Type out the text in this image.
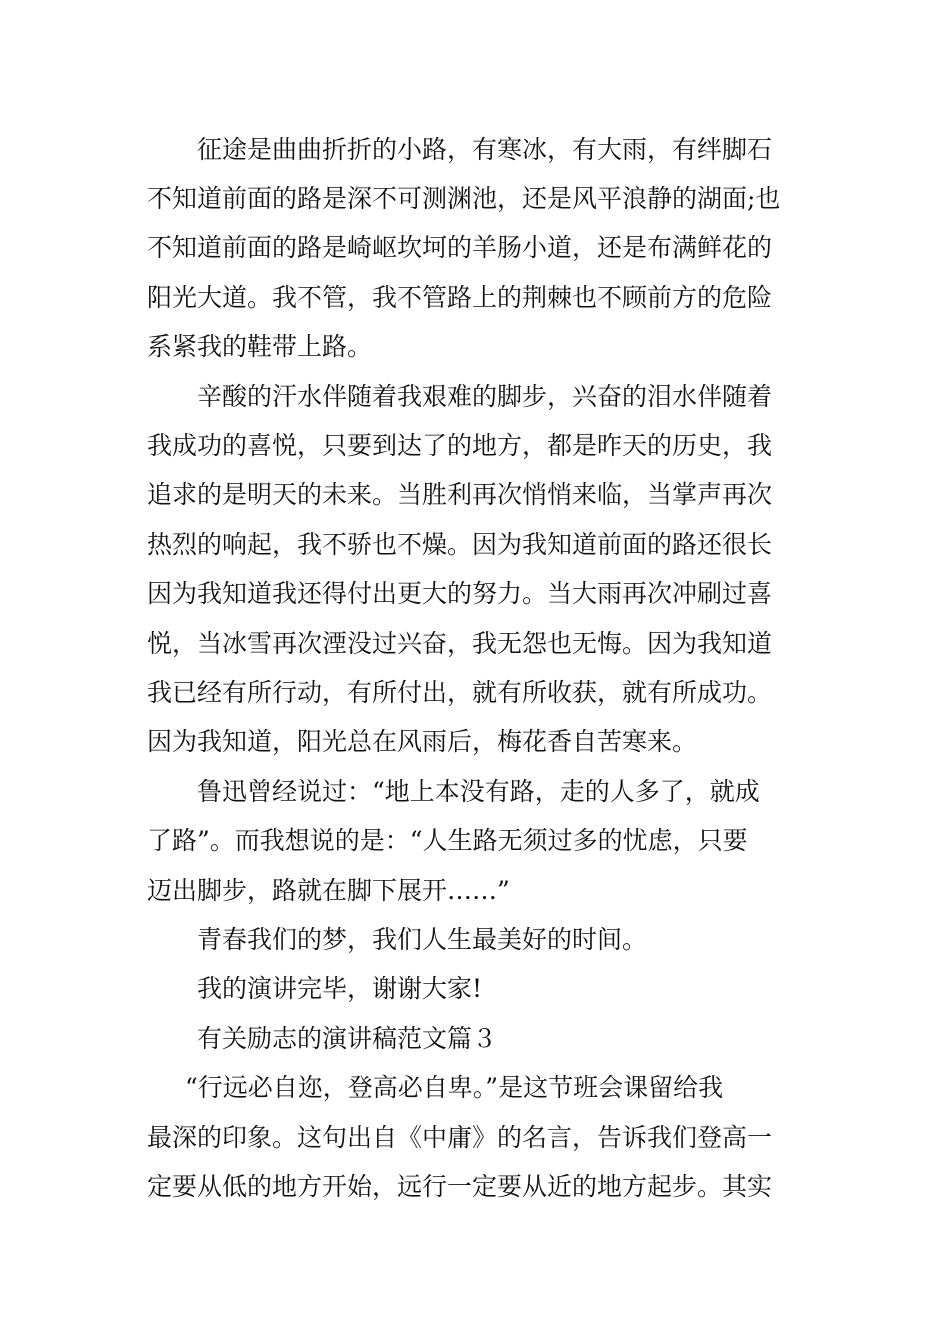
征途是曲曲折折的小路，有寒冰，有大雨，有绊脚石
不知道前面的路是深不可测渊池，还是风平浪静的湖面;也
不知道前面的路是崎岖坎坷的羊肠小道，还是布满鲜花的
阳光大道。我不管，我不管路上的荆棘也不顾前方的危险
系紧我的鞋带上路。
辛酸的汗水伴随着我艰难的脚步，兴奋的泪水伴随着
我成功的喜悦，只要到达了的地方，都是昨天的历史，我
追求的是明天的未来。当胜利再次悄悄来临，当掌声再次
热烈的响起，我不骄也不燥。因为我知道前面的路还很长
因为我知道我还得付出更大的努力。当大雨再次冲刷过喜
悦，当冰雪再次湮没过兴奋，我无怨也无悔。因为我知道
我已经有所行动，有所付出，就有所收获，就有所成功。
因为我知道，阳光总在风雨后，梅花香自苦寒来。
鲁迅曾经说过：“地上本没有路，走的人多了，就成
了路”。而我想说的是：“人生路无须过多的忧虑，只要
迈出脚步，路就在脚下展开……”
青春我们的梦，我们人生最美好的时间。
我的演讲完毕，谢谢大家!
有关励志的演讲稿范文篇３
“行远必自迩，登高必自卑。”是这节班会课留给我
最深的印象。这句出自《中庸》的名言，告诉我们登高一
定要从低的地方开始，远行一定要从近的地方起步。其实
